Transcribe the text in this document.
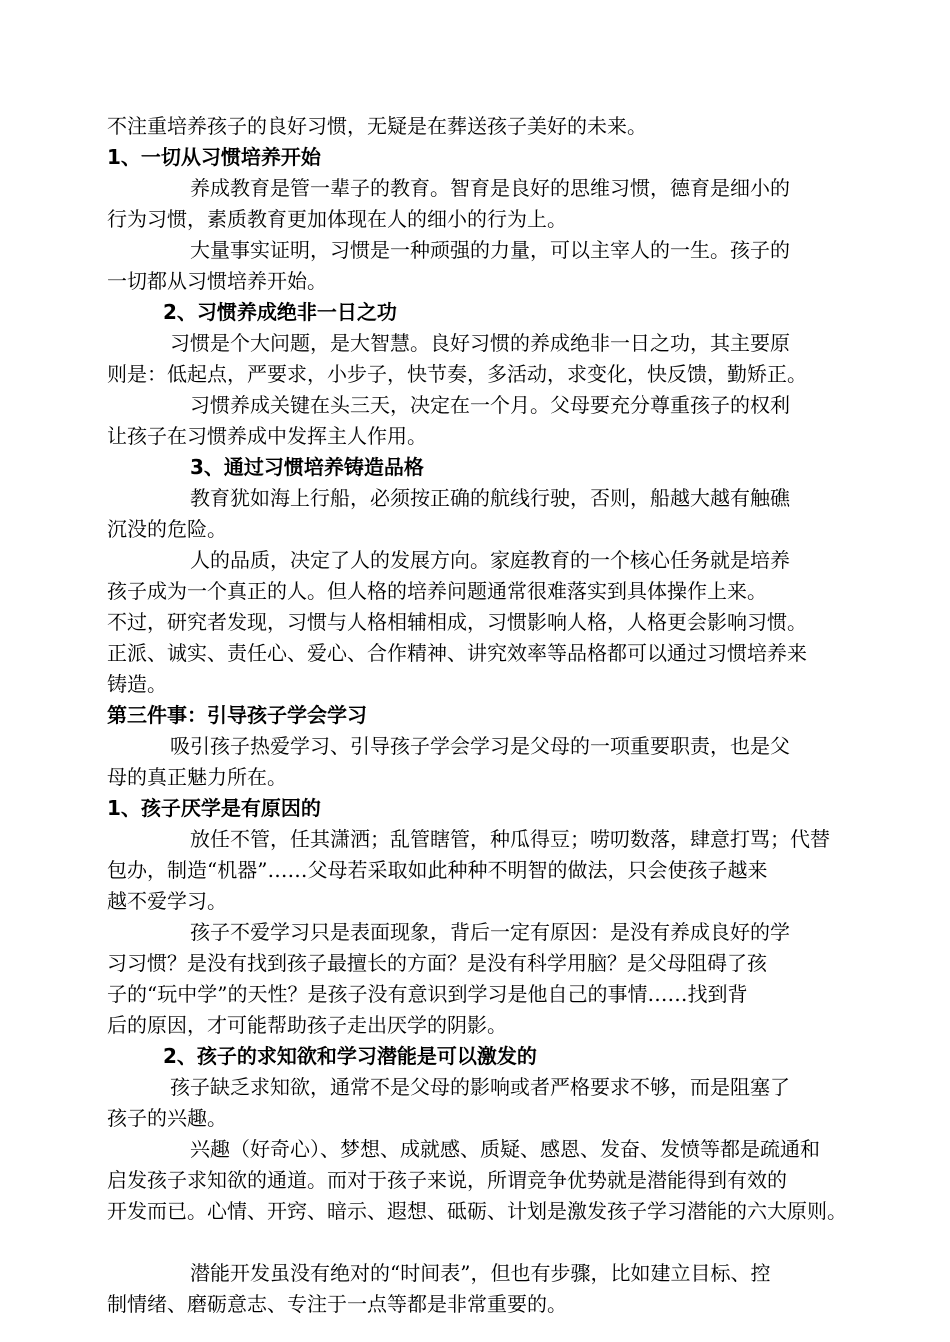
不注重培养孩子的良好习惯，无疑是在葬送孩子美好的未来。

1、一切从习惯培养开始

养成教育是管一辈子的教育。智育是良好的思维习惯，德育是细小的

行为习惯，素质教育更加体现在人的细小的行为上。

大量事实证明，习惯是一种顽强的力量，可以主宰人的一生。孩子的

一切都从习惯培养开始。

2、习惯养成绝非一日之功

习惯是个大问题，是大智慧。良好习惯的养成绝非一日之功，其主要原

则是：低起点，严要求，小步子，快节奏，多活动，求变化，快反馈，勤矫正。

习惯养成关键在头三天，决定在一个月。父母要充分尊重孩子的权利

让孩子在习惯养成中发挥主人作用。

3、通过习惯培养铸造品格

教育犹如海上行船，必须按正确的航线行驶，否则，船越大越有触礁

沉没的危险。

人的品质，决定了人的发展方向。家庭教育的一个核心任务就是培养

孩子成为一个真正的人。但人格的培养问题通常很难落实到具体操作上来。

不过，研究者发现，习惯与人格相辅相成，习惯影响人格，人格更会影响习惯。

正派、诚实、责任心、爱心、合作精神、讲究效率等品格都可以通过习惯培养来

铸造。

第三件事：引导孩子学会学习

吸引孩子热爱学习、引导孩子学会学习是父母的一项重要职责，也是父

母的真正魅力所在。

1、孩子厌学是有原因的

放任不管，任其潇洒；乱管瞎管，种瓜得豆；唠叨数落，肆意打骂；代替

包办，制造“机器”……父母若采取如此种种不明智的做法，只会使孩子越来

越不爱学习。

孩子不爱学习只是表面现象，背后一定有原因：是没有养成良好的学

习习惯？是没有找到孩子最擅长的方面？是没有科学用脑？是父母阻碍了孩

子的“玩中学”的天性？是孩子没有意识到学习是他自己的事情……找到背

后的原因，才可能帮助孩子走出厌学的阴影。

2、孩子的求知欲和学习潜能是可以激发的

孩子缺乏求知欲，通常不是父母的影响或者严格要求不够，而是阻塞了

孩子的兴趣。

兴趣（好奇心）、梦想、成就感、质疑、感恩、发奋、发愤等都是疏通和

启发孩子求知欲的通道。而对于孩子来说，所谓竞争优势就是潜能得到有效的

开发而已。心情、开窍、暗示、遐想、砥砺、计划是激发孩子学习潜能的六大原则。

潜能开发虽没有绝对的“时间表”，但也有步骤，比如建立目标、控

制情绪、磨砺意志、专注于一点等都是非常重要的。
